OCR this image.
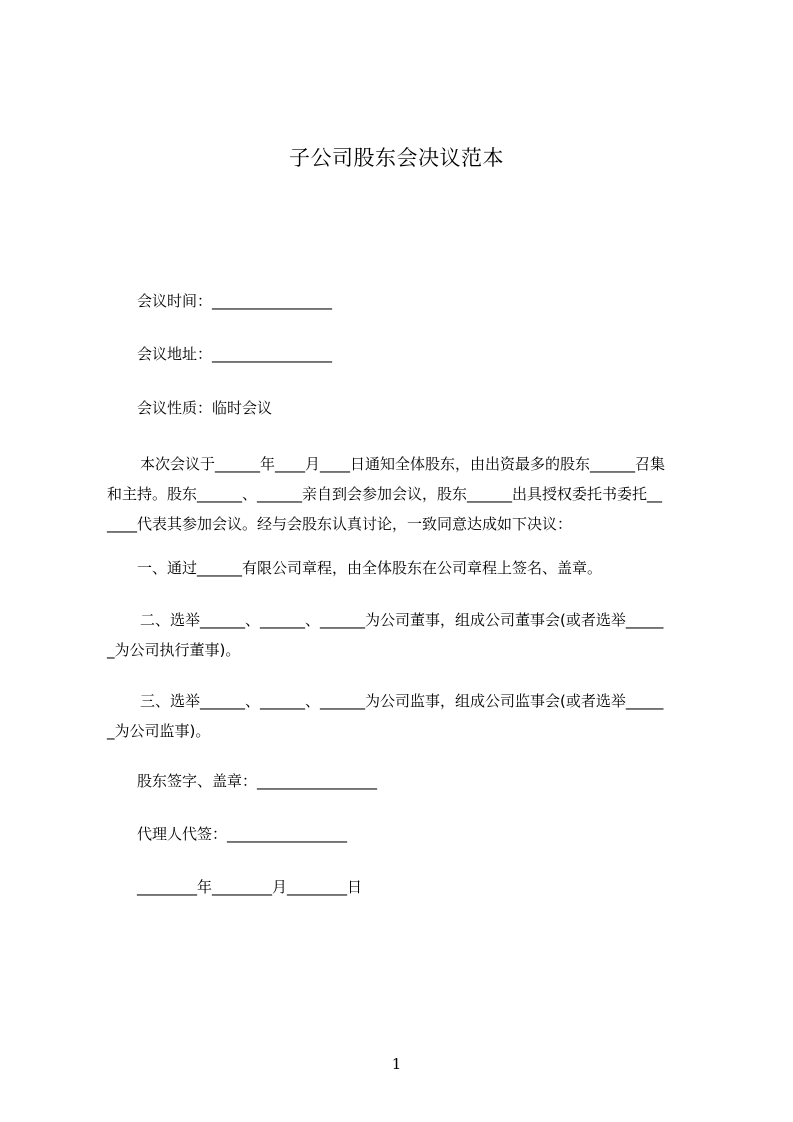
子公司股东会决议范本
会议时间：________________
会议地址：________________
会议性质：临时会议
本次会议于______年____月____日通知全体股东，由出资最多的股东______召集
和主持。股东______、______亲自到会参加会议，股东______出具授权委托书委托__
____代表其参加会议。经与会股东认真讨论，一致同意达成如下决议：
一、通过______有限公司章程，由全体股东在公司章程上签名、盖章。
二、选举______、______、______为公司董事，组成公司董事会(或者选举_____
_为公司执行董事)。
三、选举______、______、______为公司监事，组成公司监事会(或者选举_____
_为公司监事)。
股东签字、盖章：________________
代理人代签：________________
________年________月________日
1
